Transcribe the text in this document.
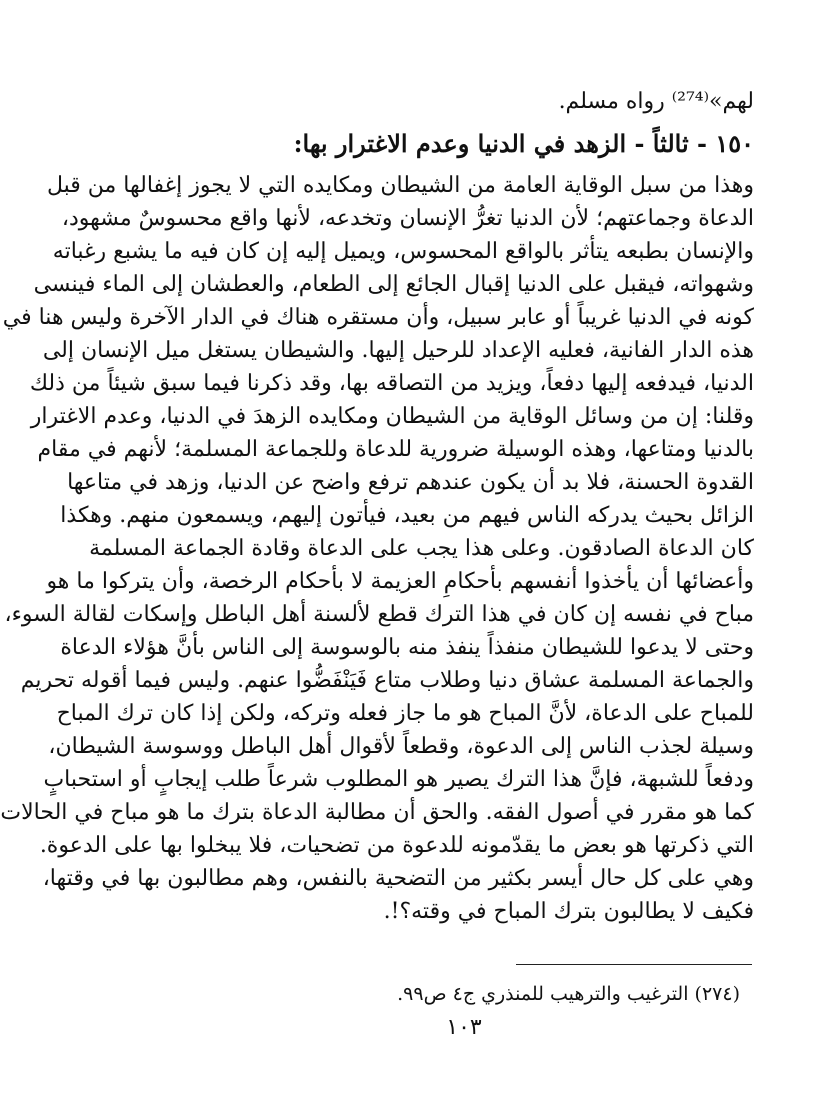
لهم»⁽²⁷⁴⁾ رواه مسلم.
١٥٠ - ثالثاً - الزهد في الدنيا وعدم الاغترار بها:
وهذا من سبل الوقاية العامة من الشيطان ومكايده التي لا يجوز إغفالها من قبل
الدعاة وجماعتهم؛ لأن الدنيا تغرُّ الإنسان وتخدعه، لأنها واقع محسوسٌ مشهود،
والإنسان بطبعه يتأثر بالواقع المحسوس، ويميل إليه إن كان فيه ما يشبع رغباته
وشهواته، فيقبل على الدنيا إقبال الجائع إلى الطعام، والعطشان إلى الماء فينسى
كونه في الدنيا غريباً أو عابر سبيل، وأن مستقره هناك في الدار الآخرة وليس هنا في
هذه الدار الفانية، فعليه الإعداد للرحيل إليها. والشيطان يستغل ميل الإنسان إلى
الدنيا، فيدفعه إليها دفعاً، ويزيد من التصاقه بها، وقد ذكرنا فيما سبق شيئاً من ذلك
وقلنا: إن من وسائل الوقاية من الشيطان ومكايده الزهدَ في الدنيا، وعدم الاغترار
بالدنيا ومتاعها، وهذه الوسيلة ضرورية للدعاة وللجماعة المسلمة؛ لأنهم في مقام
القدوة الحسنة، فلا بد أن يكون عندهم ترفع واضح عن الدنيا، وزهد في متاعها
الزائل بحيث يدركه الناس فيهم من بعيد، فيأتون إليهم، ويسمعون منهم. وهكذا
كان الدعاة الصادقون. وعلى هذا يجب على الدعاة وقادة الجماعة المسلمة
وأعضائها أن يأخذوا أنفسهم بأحكامِ العزيمة لا بأحكام الرخصة، وأن يتركوا ما هو
مباح في نفسه إن كان في هذا الترك قطع لألسنة أهل الباطل وإسكات لقالة السوء،
وحتى لا يدعوا للشيطان منفذاً ينفذ منه بالوسوسة إلى الناس بأنَّ هؤلاء الدعاة
والجماعة المسلمة عشاق دنيا وطلاب متاع فَيَنْفَضُّوا عنهم. وليس فيما أقوله تحريم
للمباح على الدعاة، لأنَّ المباح هو ما جاز فعله وتركه، ولكن إذا كان ترك المباح
وسيلة لجذب الناس إلى الدعوة، وقطعاً لأقوال أهل الباطل ووسوسة الشيطان،
ودفعاً للشبهة، فإنَّ هذا الترك يصير هو المطلوب شرعاً طلب إيجابٍ أو استحبابٍ
كما هو مقرر في أصول الفقه. والحق أن مطالبة الدعاة بترك ما هو مباح في الحالات
التي ذكرتها هو بعض ما يقدّمونه للدعوة من تضحيات، فلا يبخلوا بها على الدعوة.
وهي على كل حال أيسر بكثير من التضحية بالنفس، وهم مطالبون بها في وقتها،
فكيف لا يطالبون بترك المباح في وقته؟!.
(٢٧٤) الترغيب والترهيب للمنذري ج٤ ص٩٩.
١٠٣
